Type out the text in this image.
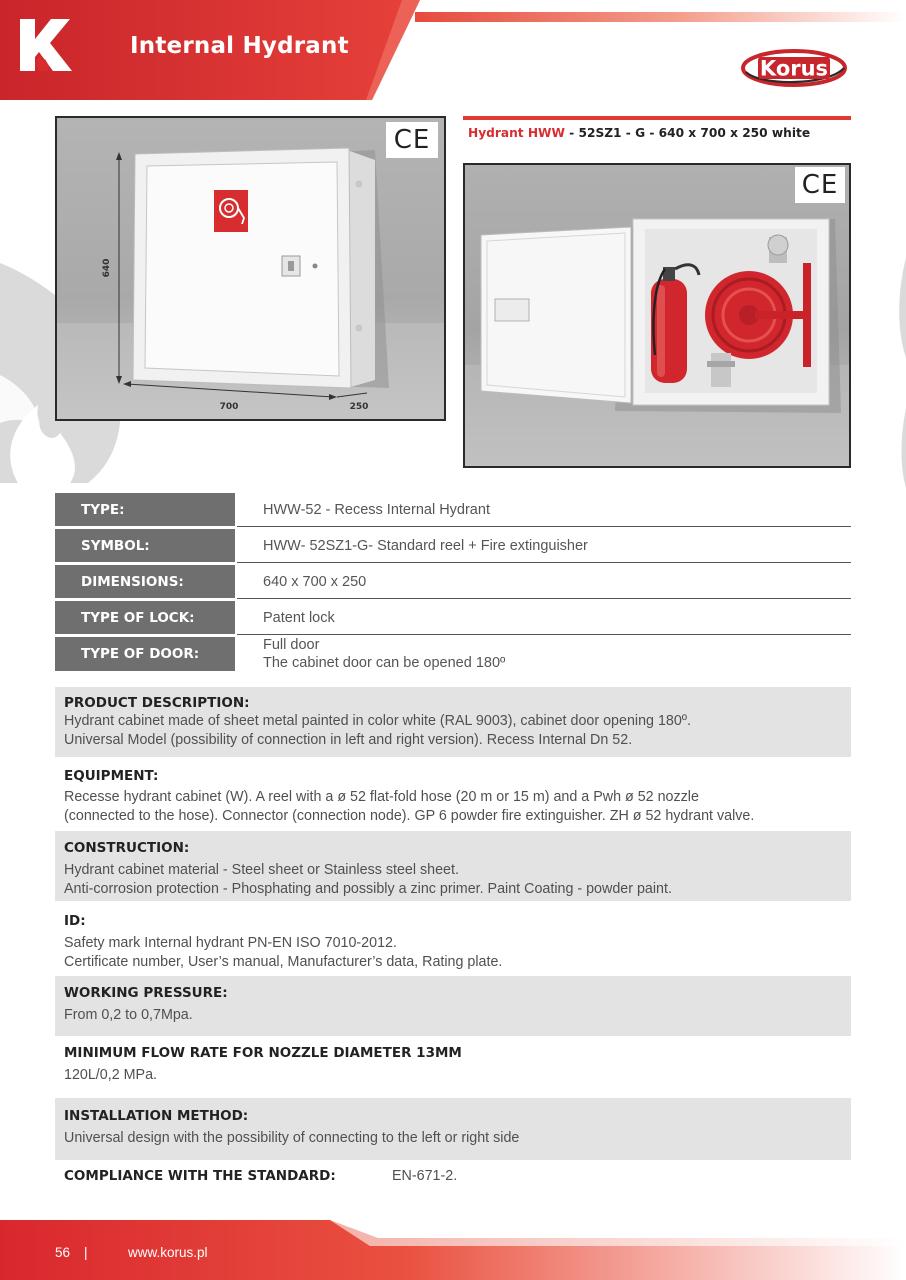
Internal Hydrant
Korus
640
700	250
CE	Hydrant HWW - 52SZ1 - G - 640 x 700 x 250 white
CE
TYPE:	HWW-52 - Recess Internal Hydrant
SYMBOL:	HWW- 52SZ1-G- Standard reel + Fire extinguisher
DIMENSIONS:	640 x 700 x 250
TYPE OF LOCK:	Patent lock
TYPE OF DOOR:
Full door
The cabinet door can be opened 180º
PRODUCT DESCRIPTION:
Hydrant cabinet made of sheet metal painted in color white (RAL 9003), cabinet door opening 180º.
Universal Model (possibility of connection in left and right version). Recess Internal Dn 52.
EQUIPMENT:
Recesse hydrant cabinet (W). A reel with a ø 52 flat-fold hose (20 m or 15 m) and a Pwh ø 52 nozzle
(connected to the hose). Connector (connection node). GP 6 powder fire extinguisher. ZH ø 52 hydrant valve.
CONSTRUCTION:
Hydrant cabinet material - Steel sheet or Stainless steel sheet.
Anti-corrosion protection - Phosphating and possibly a zinc primer. Paint Coating - powder paint.
ID:
Safety mark Internal hydrant PN-EN ISO 7010-2012.
Certificate number, User’s manual, Manufacturer’s data, Rating plate.
WORKING PRESSURE:
From 0,2 to 0,7Mpa.
MINIMUM FLOW RATE FOR NOZZLE DIAMETER 13MM
120L/0,2 MPa.
INSTALLATION METHOD:
Universal design with the possibility of connecting to the left or right side
COMPLIANCE WITH THE STANDARD:	EN-671-2.
56 |	www.korus.pl
